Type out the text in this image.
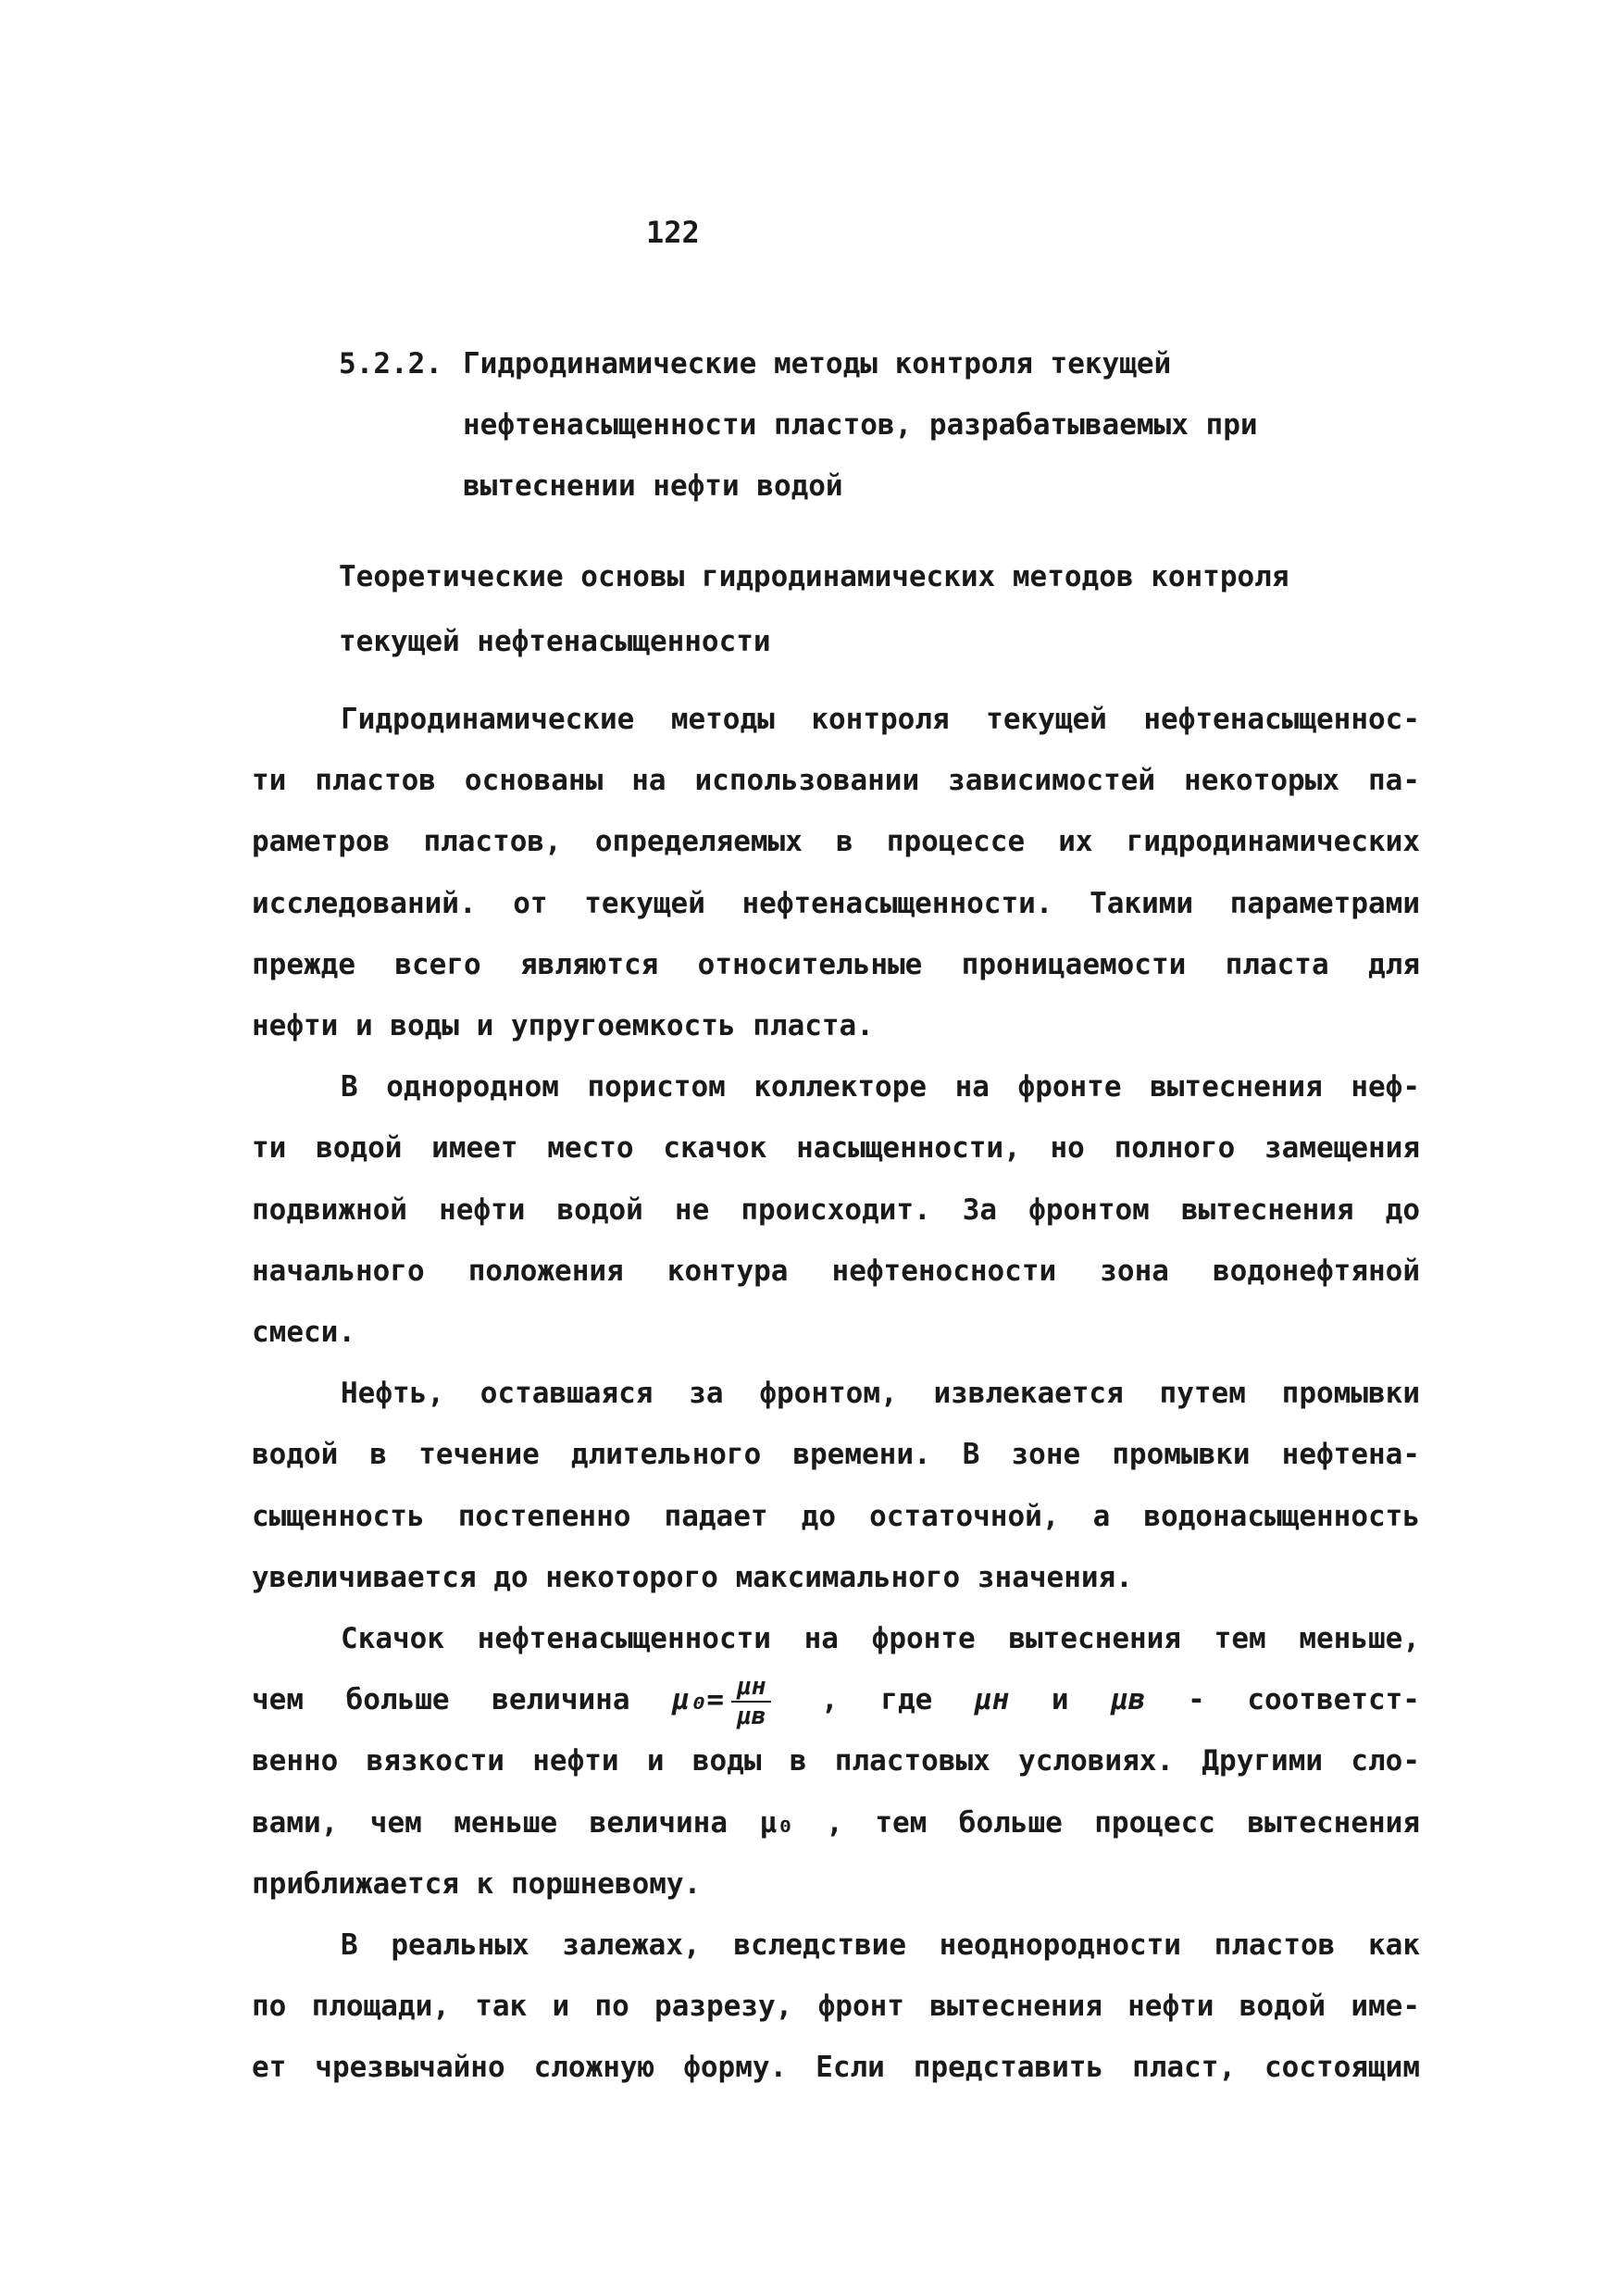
122
5.2.2. Гидродинамические методы контроля текущей
нефтенасыщенности пластов, разрабатываемых при
вытеснении нефти водой
Теоретические основы гидродинамических методов контроля
текущей нефтенасыщенности
Гидродинамические методы контроля текущей нефтенасыщеннос-
ти пластов основаны на использовании зависимостей некоторых па-
раметров пластов, определяемых в процессе их гидродинамических
исследований. от текущей нефтенасыщенности. Такими параметрами
прежде всего являются относительные проницаемости пласта для
нефти и воды и упругоемкость пласта.
В однородном пористом коллекторе на фронте вытеснения неф-
ти водой имеет место скачок насыщенности, но полного замещения
подвижной нефти водой не происходит. За фронтом вытеснения до
начального положения контура нефтеносности зона водонефтяной
смеси.
Нефть, оставшаяся за фронтом, извлекается путем промывки
водой в течение длительного времени. В зоне промывки нефтена-
сыщенность постепенно падает до остаточной, а водонасыщенность
увеличивается до некоторого максимального значения.
Скачок нефтенасыщенности на фронте вытеснения тем меньше,
чем больше величина $\mu_0= \frac{\mu н}{\mu в}$ , где μн и μв - соответст-
венно вязкости нефти и воды в пластовых условиях. Другими сло-
вами, чем меньше величина μ₀ , тем больше процесс вытеснения
приближается к поршневому.
В реальных залежах, вследствие неоднородности пластов как
по площади, так и по разрезу, фронт вытеснения нефти водой име-
ет чрезвычайно сложную форму. Если представить пласт, состоящим
